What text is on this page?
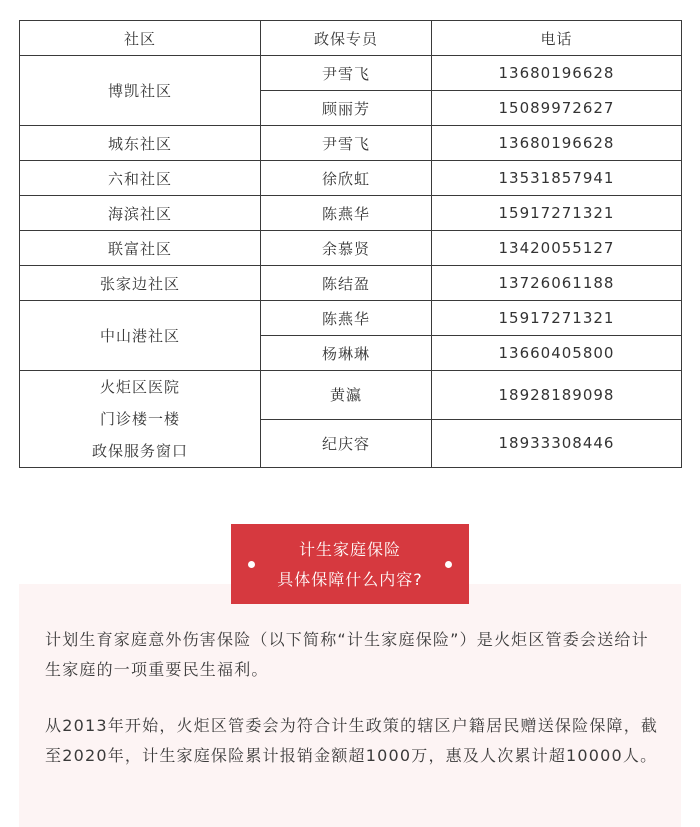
社区	政保专员	电话
博凯社区	尹雪飞	13680196628
	顾丽芳	15089972627
城东社区	尹雪飞	13680196628
六和社区	徐欣虹	13531857941
海滨社区	陈燕华	15917271321
联富社区	余慕贤	13420055127
张家边社区	陈结盈	13726061188
中山港社区	陈燕华	15917271321
	杨琳琳	13660405800

火炬区医院
门诊楼一楼
政保服务窗口	黄瀛	18928189098
	纪庆容	18933308446

计划生育家庭意外伤害保险（以下简称“计生家庭保险”）是火炬区管委会送给计生家庭的一项重要民生福利。

从2013年开始，火炬区管委会为符合计生政策的辖区户籍居民赠送保险保障，截至2020年，计生家庭保险累计报销金额超1000万，惠及人次累计超10000人。

计生家庭保险
具体保障什么内容?
